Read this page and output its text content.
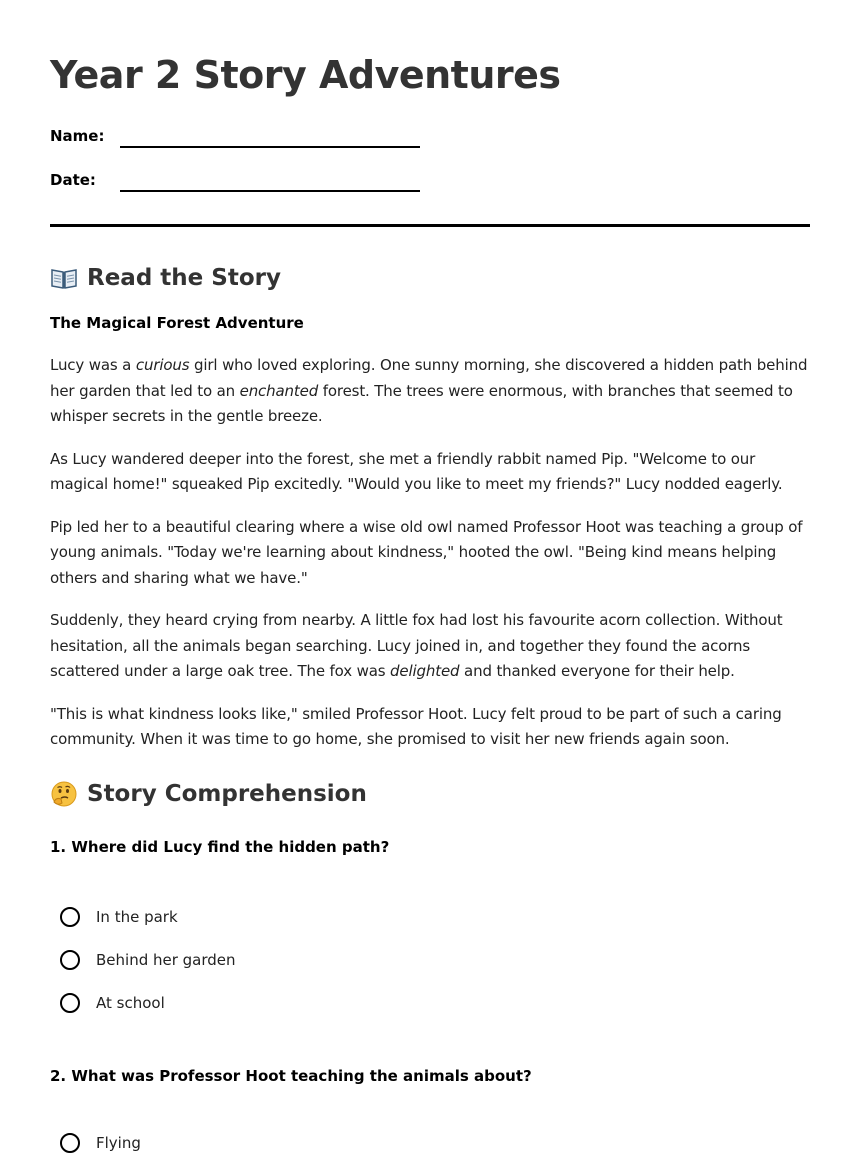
Year 2 Story Adventures
Name:
Date:
Read the Story
The Magical Forest Adventure

Lucy was a curious girl who loved exploring. One sunny morning, she discovered a hidden path behind her garden that led to an enchanted forest. The trees were enormous, with branches that seemed to whisper secrets in the gentle breeze.

As Lucy wandered deeper into the forest, she met a friendly rabbit named Pip. "Welcome to our magical home!" squeaked Pip excitedly. "Would you like to meet my friends?" Lucy nodded eagerly.

Pip led her to a beautiful clearing where a wise old owl named Professor Hoot was teaching a group of young animals. "Today we're learning about kindness," hooted the owl. "Being kind means helping others and sharing what we have."

Suddenly, they heard crying from nearby. A little fox had lost his favourite acorn collection. Without hesitation, all the animals began searching. Lucy joined in, and together they found the acorns scattered under a large oak tree. The fox was delighted and thanked everyone for their help.

"This is what kindness looks like," smiled Professor Hoot. Lucy felt proud to be part of such a caring community. When it was time to go home, she promised to visit her new friends again soon.

Story Comprehension
1. Where did Lucy find the hidden path?
In the park
Behind her garden
At school
2. What was Professor Hoot teaching the animals about?
Flying
